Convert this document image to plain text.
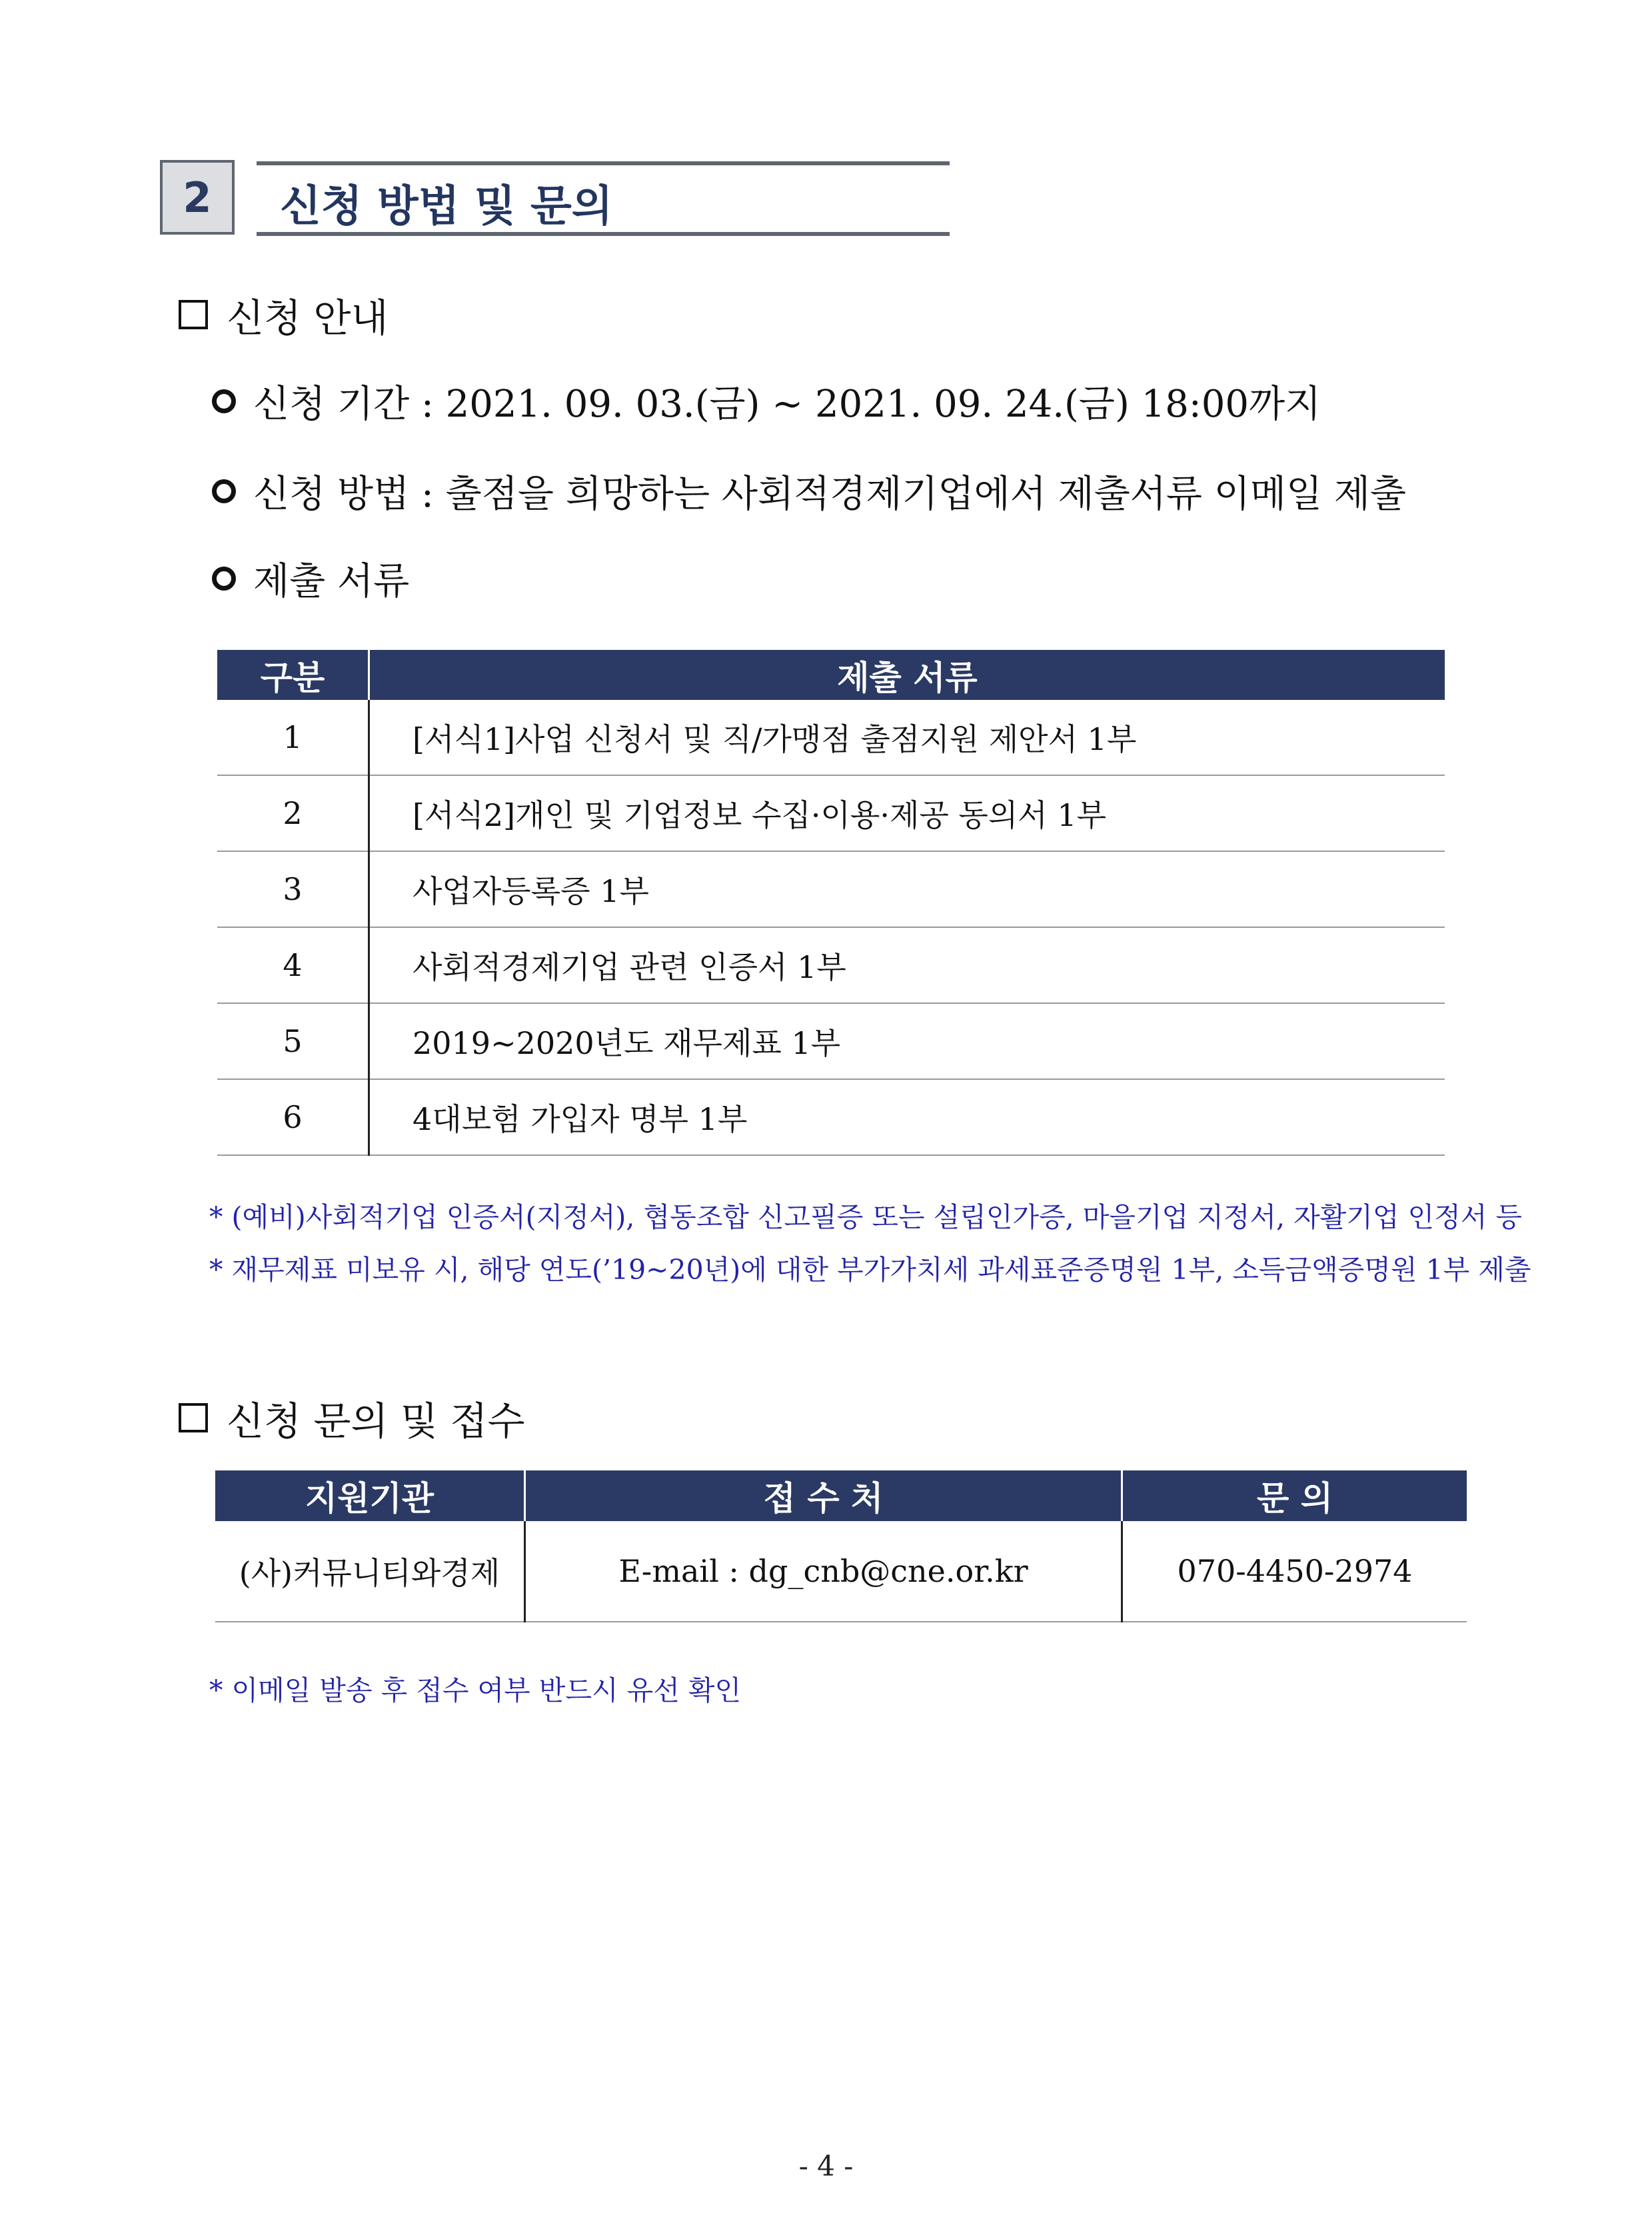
2	신청 방법 및 문의
신청 안내
신청 기간 : 2021. 09. 03.(금) ~ 2021. 09. 24.(금) 18:00까지
신청 방법 : 출점을 희망하는 사회적경제기업에서 제출서류 이메일 제출
제출 서류
구분	제출 서류
1	[서식1]사업 신청서 및 직/가맹점 출점지원 제안서 1부
2	[서식2]개인 및 기업정보 수집·이용·제공 동의서 1부
3	사업자등록증 1부
4	사회적경제기업 관련 인증서 1부
5	2019~2020년도 재무제표 1부
6	4대보험 가입자 명부 1부
* (예비)사회적기업 인증서(지정서), 협동조합 신고필증 또는 설립인가증, 마을기업 지정서, 자활기업 인정서 등
* 재무제표 미보유 시, 해당 연도(’19~20년)에 대한 부가가치세 과세표준증명원 1부, 소득금액증명원 1부 제출
신청 문의 및 접수
지원기관	접 수 처	문 의
(사)커뮤니티와경제	E-mail : dg_cnb@cne.or.kr	070-4450-2974
* 이메일 발송 후 접수 여부 반드시 유선 확인
- 4 -
